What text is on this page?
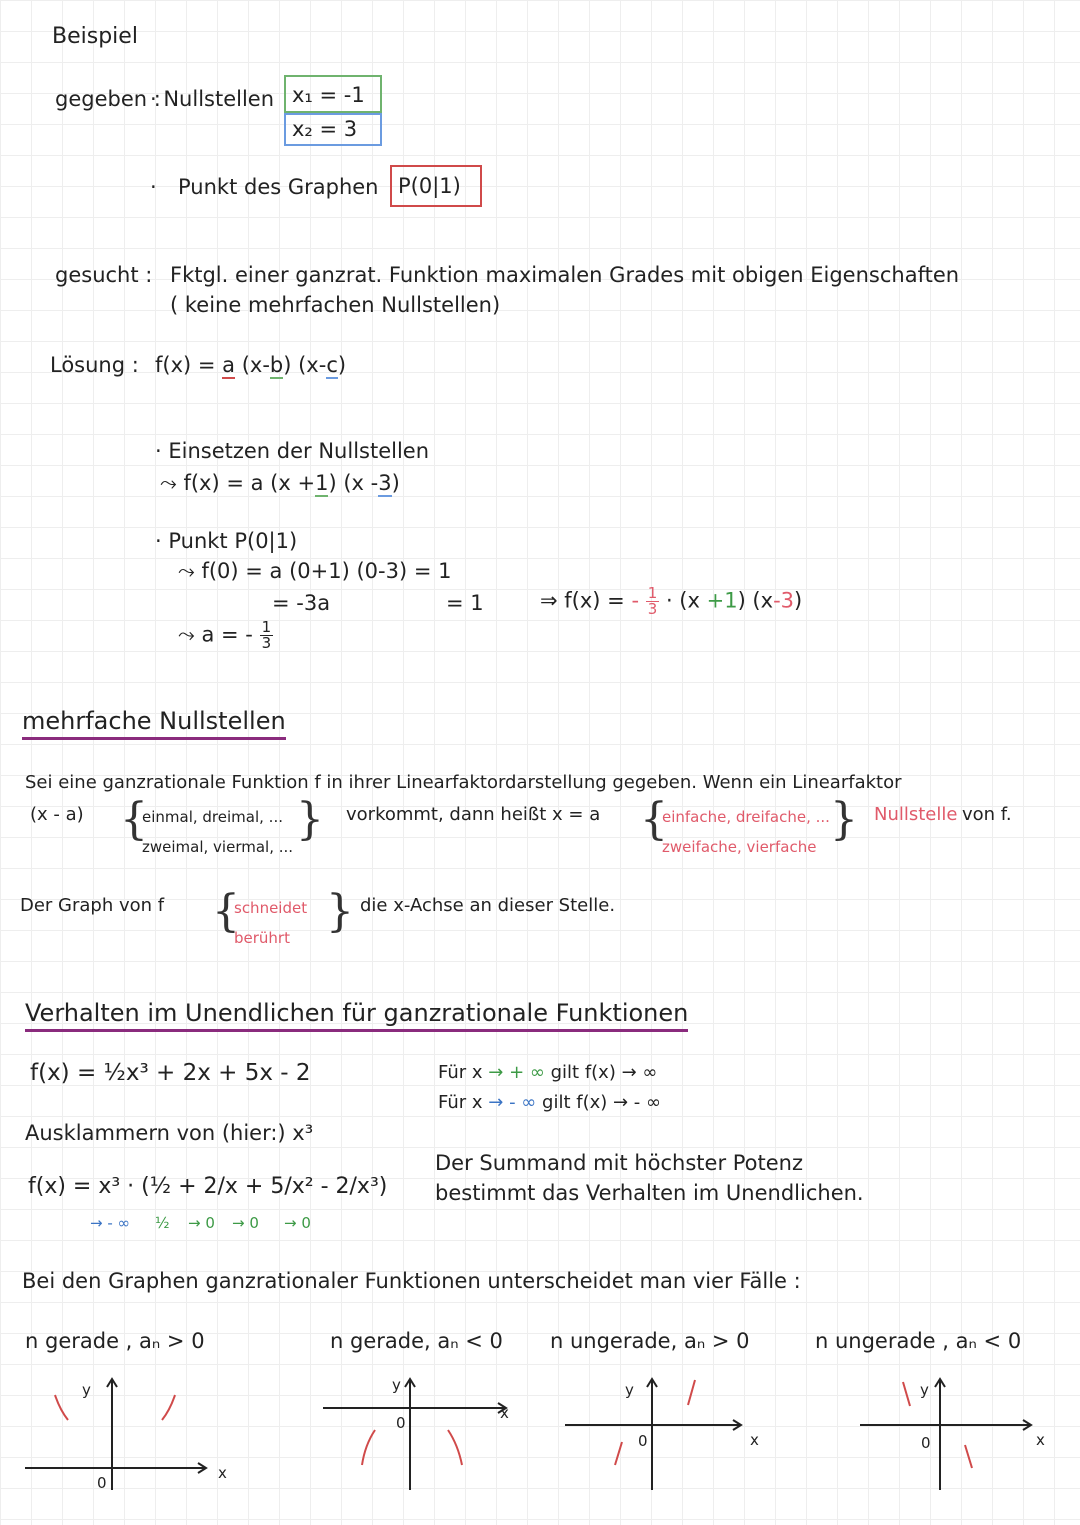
Beispiel
gegeben :
· Nullstellen x₁ = -1
x₂ = 3
· Punkt des Graphen P(0|1)
gesucht : Fktgl. einer ganzrat. Funktion maximalen Grades mit obigen Eigenschaften
( keine mehrfachen Nullstellen)
Lösung : f(x) = a (x-b) (x-c)
· Einsetzen der Nullstellen
⤳ f(x) = a (x +1) (x -3)
· Punkt P(0|1)
⤳ f(0) = a (0+1) (0-3) = 1
= -3a	= 1
⤳ a = - $\frac{1}{3}$
⇒ f(x) = - $\frac{1}{3} \cdot (x +1)$ (x-3)
mehrfache Nullstellen
Sei eine ganzrationale Funktion f in ihrer Linearfaktordarstellung gegeben. Wenn ein Linearfaktor
(x - a) {
einmal, dreimal, ...
zweimal, viermal, ...
} vorkommt, dann heißt x = a {
einfache, dreifache, ...
zweifache, vierfache
} Nullstelle von f.
Der Graph von f {
schneidet
berührt
} die x-Achse an dieser Stelle.
Verhalten im Unendlichen für ganzrationale Funktionen
f(x) = ½x³ + 2x + 5x - 2	Für x → + ∞ gilt f(x) → ∞
Für x → - ∞ gilt f(x) → - ∞
Ausklammern von (hier:) x³
f(x) = x³ · (½ + 2/x + 5/x² - 2/x³)
→ - ∞ ½ → 0 → 0 → 0
Der Summand mit höchster Potenz
bestimmt das Verhalten im Unendlichen.
Bei den Graphen ganzrationaler Funktionen unterscheidet man vier Fälle :
n gerade , aₙ > 0	n gerade, aₙ < 0 n ungerade, aₙ > 0	n ungerade , aₙ < 0
y
x
0
y
x
0
y
x
0
y
x
0
